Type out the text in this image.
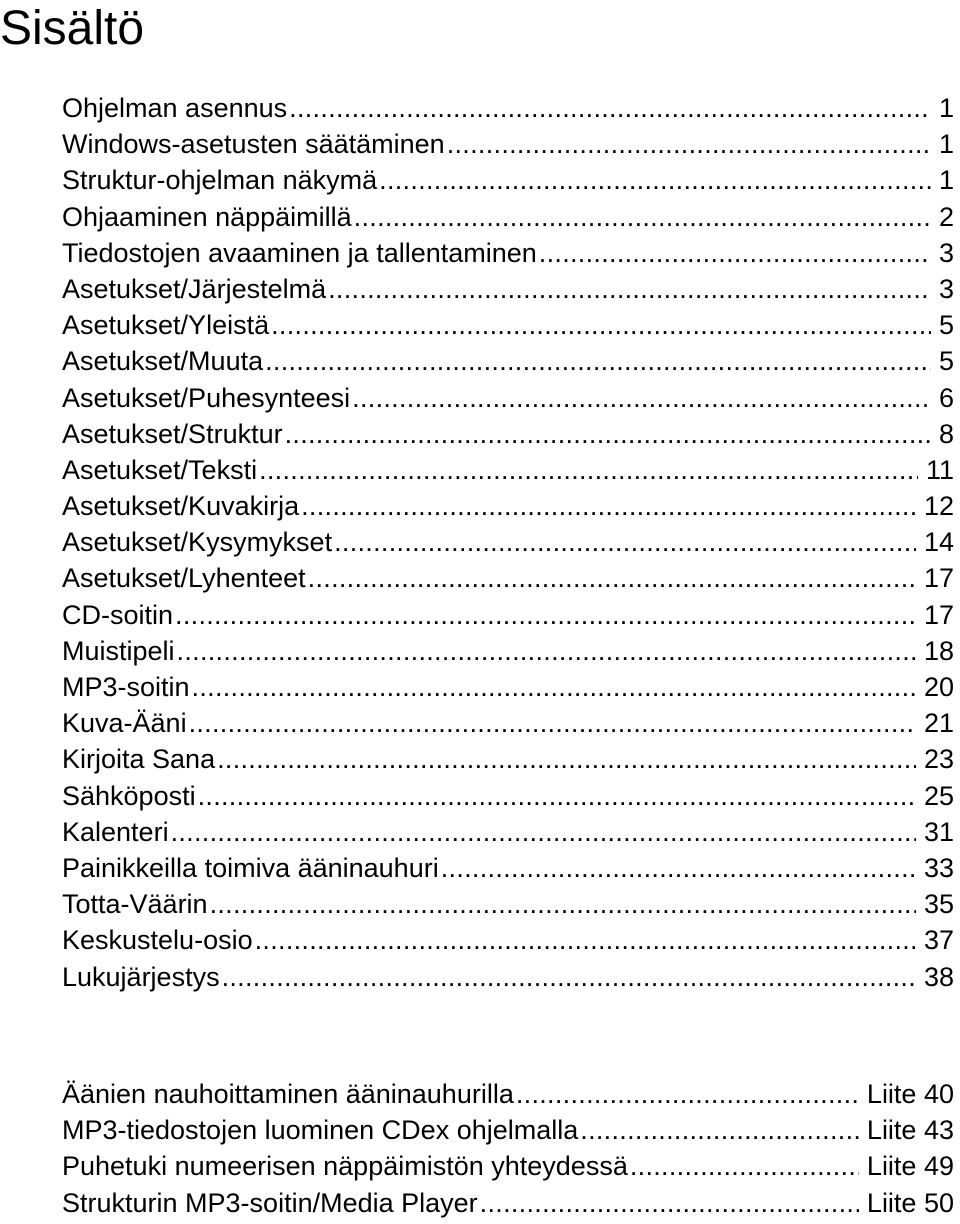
Sisältö
Ohjelman asennus . . .	1
Windows-asetusten säätäminen . . .	1
Struktur-ohjelman näkymä . . .	1
Ohjaaminen näppäimillä . . .	2
Tiedostojen avaaminen ja tallentaminen . . .	3
Asetukset/Järjestelmä . . .	3
Asetukset/Yleistä . . .	5
Asetukset/Muuta . . .	5
Asetukset/Puhesynteesi . . .	6
Asetukset/Struktur . . .	8
Asetukset/Teksti . . .	11
Asetukset/Kuvakirja . . .	12
Asetukset/Kysymykset . . .	14
Asetukset/Lyhenteet . . .	17
CD-soitin . . .	17
Muistipeli . . .	18
MP3-soitin . . .	20
Kuva-Ääni . . .	21
Kirjoita Sana . . .	23
Sähköposti . . .	25
Kalenteri . . .	31
Painikkeilla toimiva ääninauhuri . . .	33
Totta-Väärin . . .	35
Keskustelu-osio . . .	37
Lukujärjestys . . .	38
Äänien nauhoittaminen ääninauhurilla . . .	Liite 40
MP3-tiedostojen luominen CDex ohjelmalla . . .	Liite 43
Puhetuki numeerisen näppäimistön yhteydessä . . .	Liite 49
Strukturin MP3-soitin/Media Player . . .	Liite 50
